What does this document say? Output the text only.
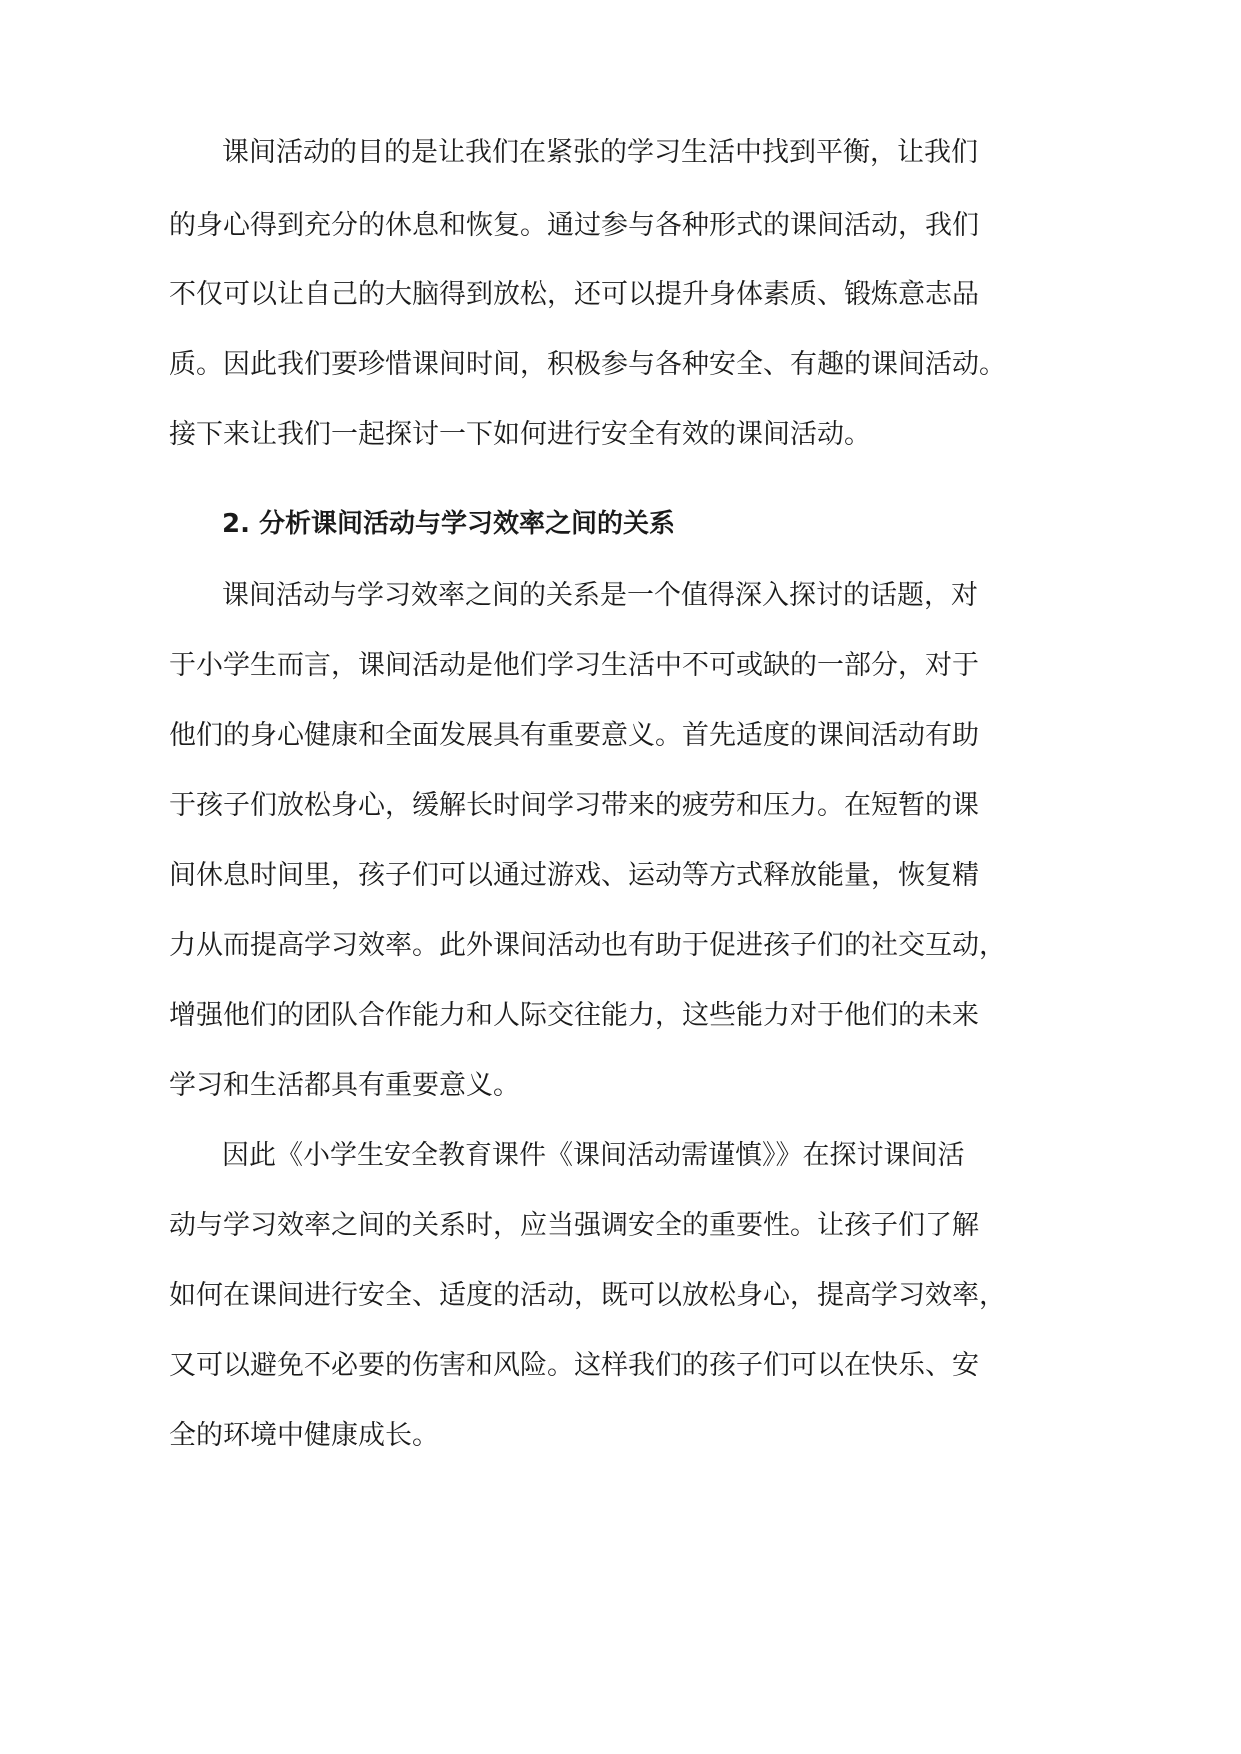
课间活动的目的是让我们在紧张的学习生活中找到平衡，让我们

的身心得到充分的休息和恢复。通过参与各种形式的课间活动，我们

不仅可以让自己的大脑得到放松，还可以提升身体素质、锻炼意志品

质。因此我们要珍惜课间时间，积极参与各种安全、有趣的课间活动。

接下来让我们一起探讨一下如何进行安全有效的课间活动。

2. 分析课间活动与学习效率之间的关系

课间活动与学习效率之间的关系是一个值得深入探讨的话题，对

于小学生而言，课间活动是他们学习生活中不可或缺的一部分，对于

他们的身心健康和全面发展具有重要意义。首先适度的课间活动有助

于孩子们放松身心，缓解长时间学习带来的疲劳和压力。在短暂的课

间休息时间里，孩子们可以通过游戏、运动等方式释放能量，恢复精

力从而提高学习效率。此外课间活动也有助于促进孩子们的社交互动，

增强他们的团队合作能力和人际交往能力，这些能力对于他们的未来

学习和生活都具有重要意义。

因此《小学生安全教育课件《课间活动需谨慎》》在探讨课间活

动与学习效率之间的关系时，应当强调安全的重要性。让孩子们了解

如何在课间进行安全、适度的活动，既可以放松身心，提高学习效率，

又可以避免不必要的伤害和风险。这样我们的孩子们可以在快乐、安

全的环境中健康成长。
